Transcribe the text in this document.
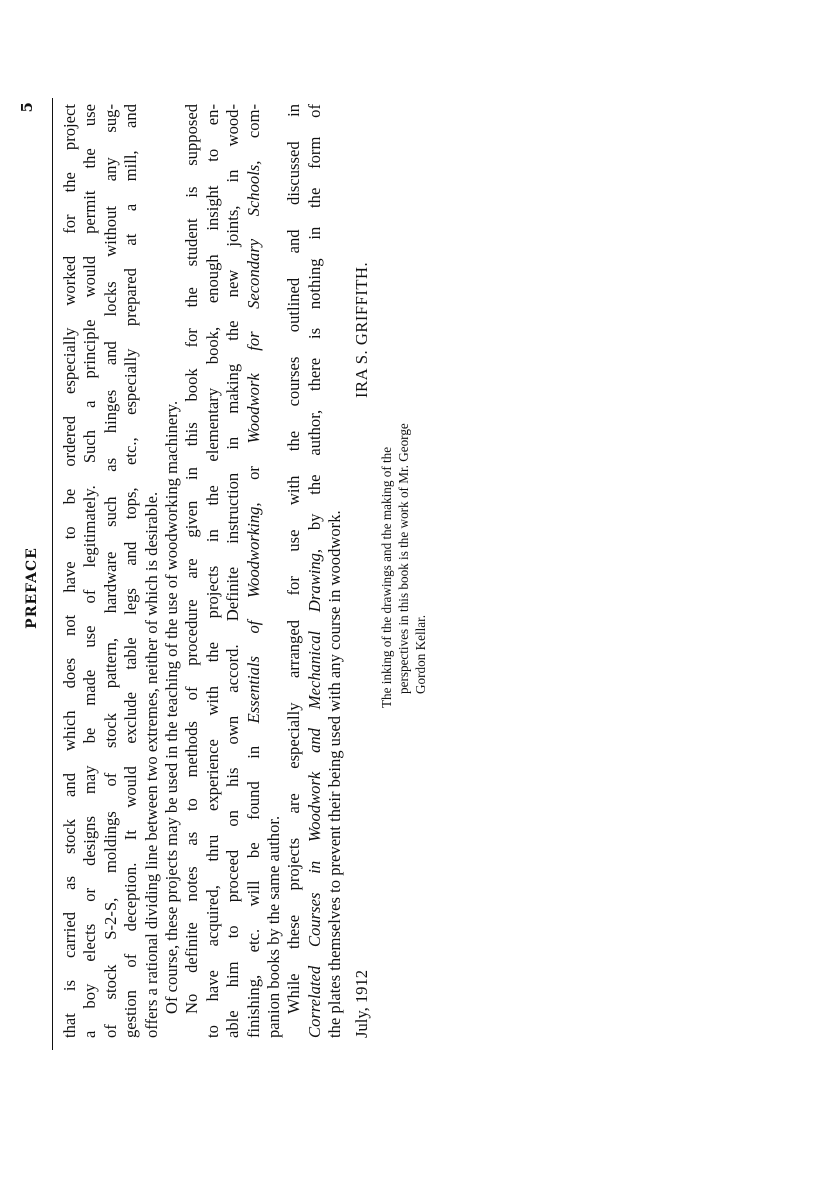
5
PREFACE that is carried as stock and which does not have to be ordered especially worked for the project a boy elects or designs may be made use of legitimately. Such a principle would permit the use of stock S-2-S, moldings of stock pattern, hardware such as hinges and locks without any sug- gestion of deception. It would exclude table legs and tops, etc., especially prepared at a mill, and offers a rational dividing line between two extremes, neither of which is desirable. Of course, these projects may be used in the teaching of the use of woodworking machinery. No definite notes as to methods of procedure are given in this book for the student is supposed to have acquired, thru experience with the projects in the elementary book, enough insight to en- able him to proceed on his own accord. Definite instruction in making the new joints, in wood- finishing, etc. will be found in Essentials of Woodworking, or Woodwork for Secondary Schools, com-

panion books by the same author. While these projects are especially arranged for use with the courses outlined and discussed in Correlated Courses in Woodwork and Mechanical Drawing, by the author, there is nothing in the form of

the plates themselves to prevent their being used with any course in woodwork. July, 1912
IRA S. GRIFFITH.

The inking of the drawings and the making of the perspectives in this book is the work of Mr. George Gordon Kellar.
